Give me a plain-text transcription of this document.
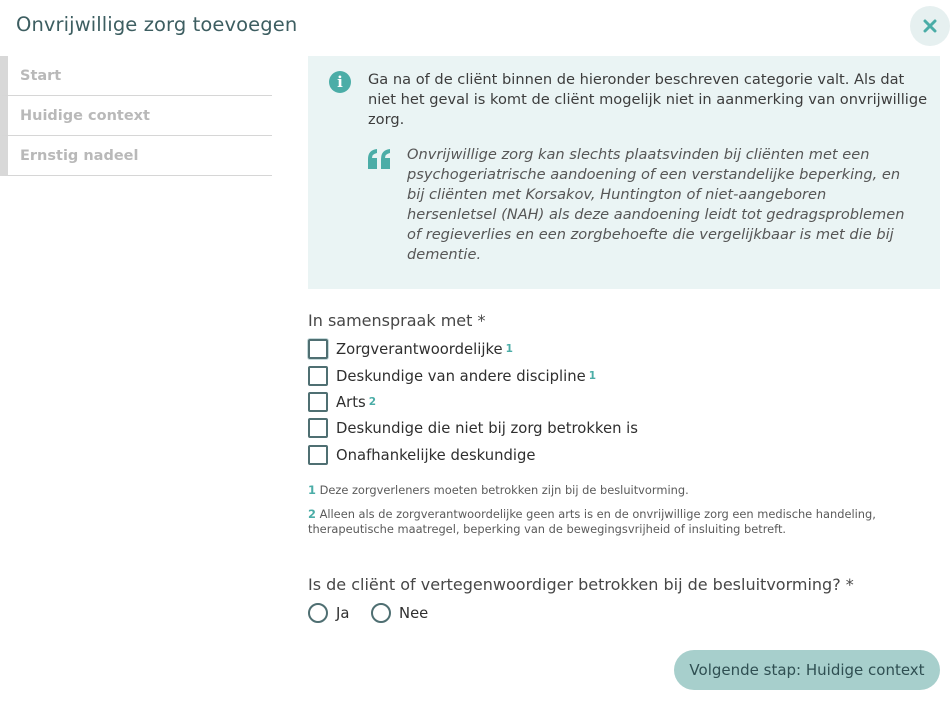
Onvrijwillige zorg toevoegen
Start
Huidige context
Ernstig nadeel
i	Ga na of de cliënt binnen de hieronder beschreven categorie valt. Als dat niet het geval is komt de cliënt mogelijk niet in aanmerking van onvrijwillige zorg.
Onvrijwillige zorg kan slechts plaatsvinden bij cliënten met een psychogeriatrische aandoening of een verstandelijke beperking, en bij cliënten met Korsakov, Huntington of niet-aangeboren hersenletsel (NAH) als deze aandoening leidt tot gedragsproblemen of regieverlies en een zorgbehoefte die vergelijkbaar is met die bij dementie.
In samenspraak met *
Zorgverantwoordelijke 1
Deskundige van andere discipline 1
Arts 2
Deskundige die niet bij zorg betrokken is
Onafhankelijke deskundige
1 Deze zorgverleners moeten betrokken zijn bij de besluitvorming.
2 Alleen als de zorgverantwoordelijke geen arts is en de onvrijwillige zorg een medische handeling, therapeutische maatregel, beperking van de bewegingsvrijheid of insluiting betreft.
Is de cliënt of vertegenwoordiger betrokken bij de besluitvorming? *
Ja	Nee
Volgende stap: Huidige context
